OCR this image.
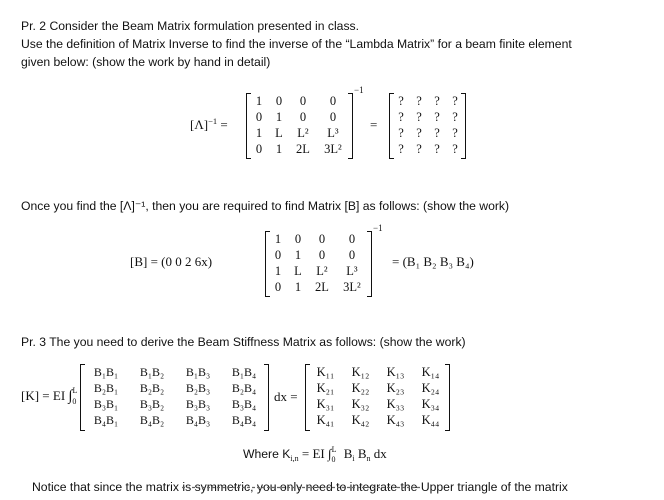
Pr. 2 Consider the Beam Matrix formulation presented in class.
Use the definition of Matrix Inverse to find the inverse of the “Lambda Matrix” for a beam finite element
given below: (show the work by hand in detail)
$[\Lambda]^{-1}$ =
1	0	0	0
0	1	0	0
1	L	L²	L³
0	1	2L	3L²
−1
=
? ? ? ?
? ? ? ?
? ? ? ?
? ? ? ?
Once you find the [Λ]⁻¹, then you are required to find Matrix [B] as follows: (show the work)
[B] = (0 0 2 6x)
1	0	0	0
0	1	0	0
1	L	L²	L³
0	1	2L	3L²
−1
= (B₁ B₂ B₃ B₄)
Pr. 3 The you need to derive the Beam Stiffness Matrix as follows: (show the work)
[K] = EI ∫$^L_0$
B₁B₁	B₁B₂	B₁B₃	B₁B₄
B₂B₁	B₂B₂	B₂B₃	B₂B₄
B₃B₁	B₃B₂	B₃B₃	B₃B₄
B₄B₁	B₄B₂	B₄B₃	B₄B₄
dx =
K₁₁	K₁₂	K₁₃	K₁₄
K₂₁	K₂₂	K₂₃	K₂₄
K₃₁	K₃₂	K₃₃	K₃₄
K₄₁	K₄₂	K₄₃	K₄₄
Where $K_{i,n}$ = EI ∫$^L_0$ $B_i$ $B_n$ dx
Notice that since the matrix is symmetric, you only need to integrate the Upper triangle of the matrix
